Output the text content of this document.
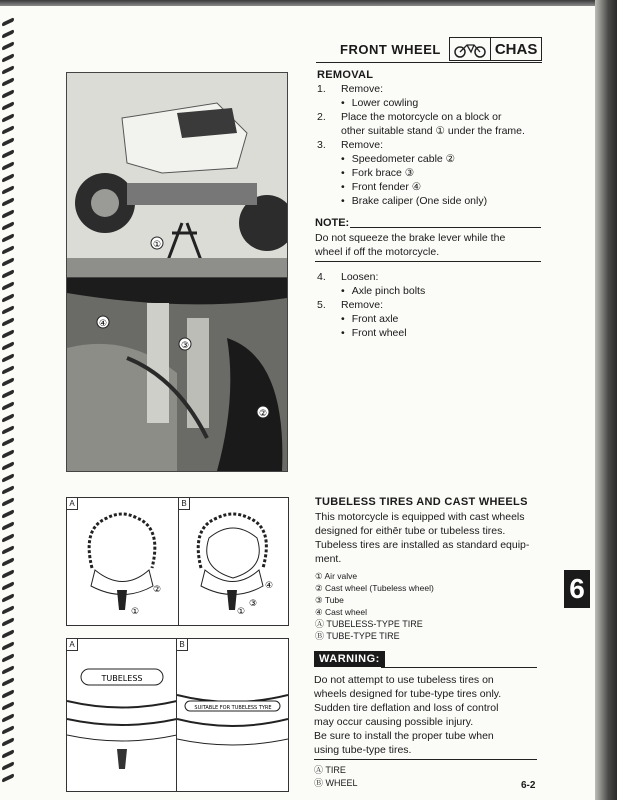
FRONT WHEEL	CHAS
①
④
③
②
REMOVAL
1. Remove:
• Lower cowling
2. Place the motorcycle on a block or
other suitable stand ① under the frame.
3. Remove:
• Speedometer cable ②
• Fork brace ③
• Front fender ④
• Brake caliper (One side only)
NOTE:
Do not squeeze the brake lever while the
wheel if off the motorcycle.
4. Loosen:
• Axle pinch bolts
5. Remove:
• Front axle
• Front wheel
A
②
①
B
④
③
①
A
TUBELESS
B
SUITABLE FOR TUBELESS TYRE
TUBELESS TIRES AND CAST WHEELS
This motorcycle is equipped with cast wheels
designed for eithēr tube or tubeless tires.
Tubeless tires are installed as standard equip-
ment.
① Air valve
② Cast wheel (Tubeless wheel)
③ Tube
④ Cast wheel
Ⓐ TUBELESS-TYPE TIRE
Ⓑ TUBE-TYPE TIRE
WARNING:
Do not attempt to use tubeless tires on
wheels designed for tube-type tires only.
Sudden tire deflation and loss of control
may occur causing possible injury.
Be sure to install the proper tube when
using tube-type tires.
Ⓐ TIRE
Ⓑ WHEEL
6
6-2
